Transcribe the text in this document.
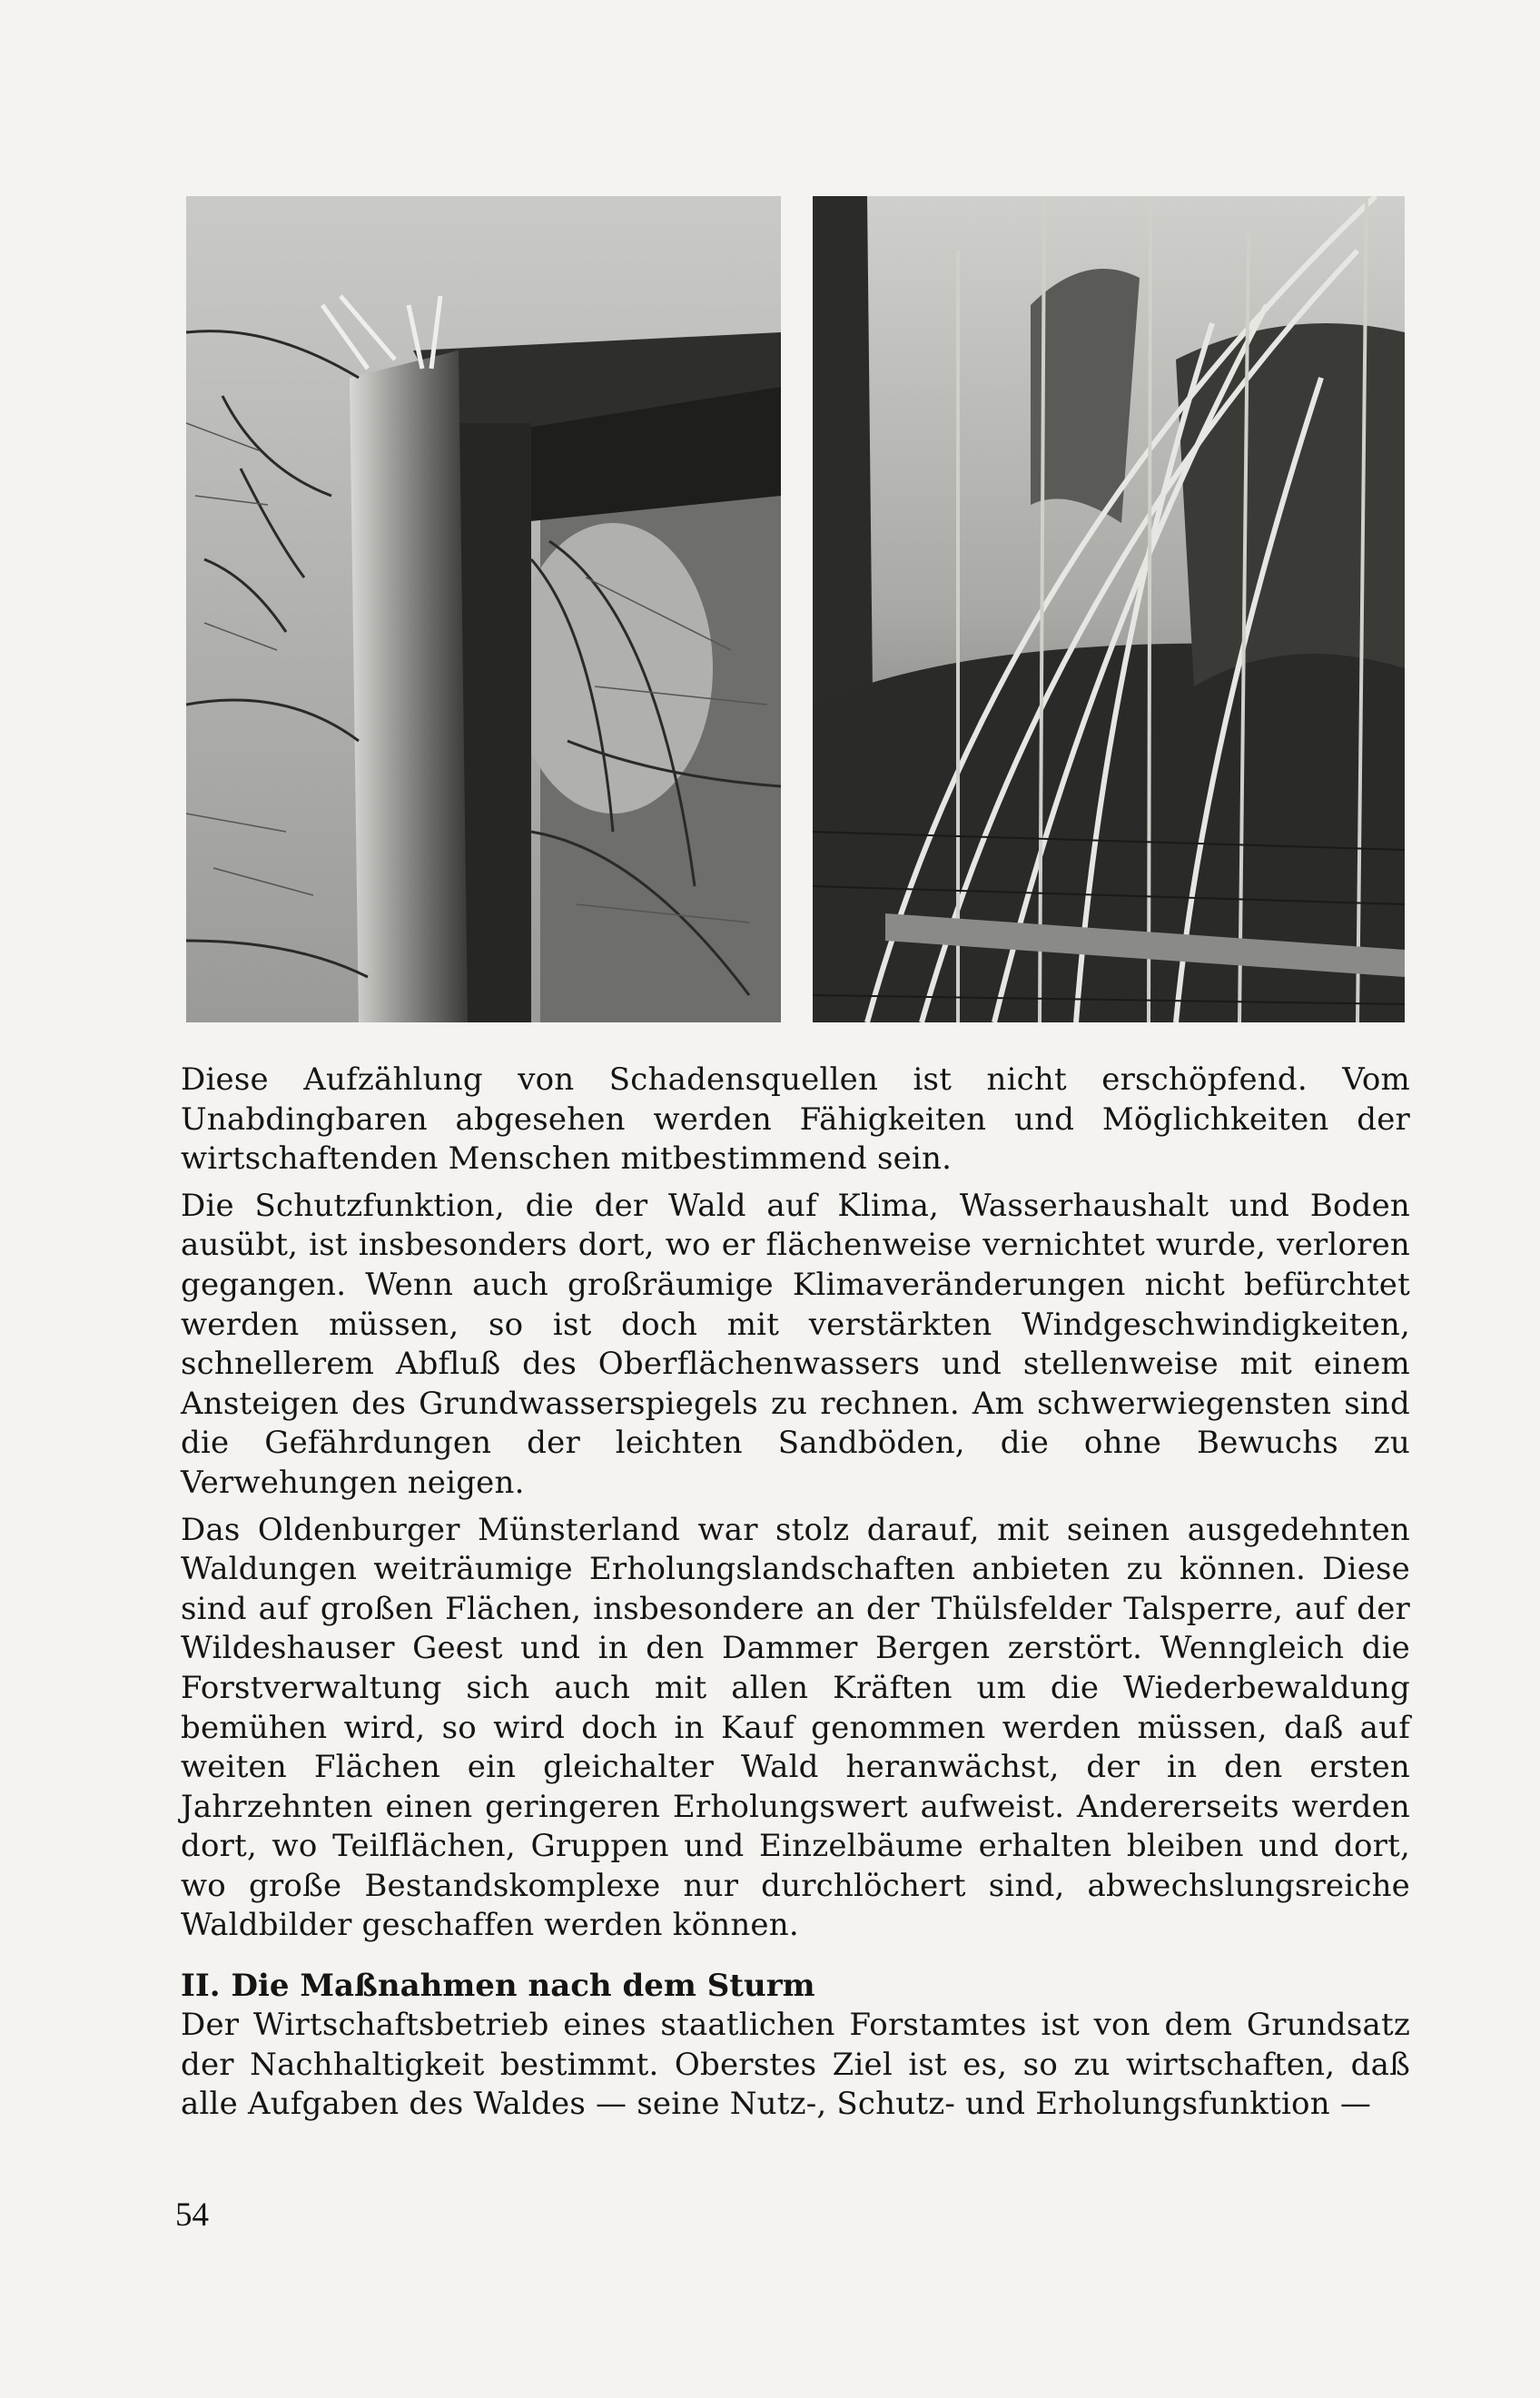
Diese Aufzählung von Schadensquellen ist nicht erschöpfend. Vom Unabdingbaren abgesehen werden Fähigkeiten und Möglichkeiten der wirtschaftenden Menschen mitbestimmend sein.

Die Schutzfunktion, die der Wald auf Klima, Wasserhaushalt und Boden ausübt, ist insbesonders dort, wo er flächenweise vernichtet wurde, verloren gegangen. Wenn auch großräumige Klimaveränderungen nicht befürchtet werden müssen, so ist doch mit verstärkten Windgeschwindigkeiten, schnellerem Abfluß des Oberflächenwassers und stellenweise mit einem Ansteigen des Grundwasserspiegels zu rechnen. Am schwerwiegensten sind die Gefährdungen der leichten Sandböden, die ohne Bewuchs zu Verwehungen neigen.

Das Oldenburger Münsterland war stolz darauf, mit seinen ausgedehnten Waldungen weiträumige Erholungslandschaften anbieten zu können. Diese sind auf großen Flächen, insbesondere an der Thülsfelder Talsperre, auf der Wildeshauser Geest und in den Dammer Bergen zerstört. Wenngleich die Forstverwaltung sich auch mit allen Kräften um die Wiederbewaldung bemühen wird, so wird doch in Kauf genommen werden müssen, daß auf weiten Flächen ein gleichalter Wald heranwächst, der in den ersten Jahrzehnten einen geringeren Erholungswert aufweist. Andererseits werden dort, wo Teilflächen, Gruppen und Einzelbäume erhalten bleiben und dort, wo große Bestandskomplexe nur durchlöchert sind, abwechslungsreiche Waldbilder geschaffen werden können.

II. Die Maßnahmen nach dem Sturm

Der Wirtschaftsbetrieb eines staatlichen Forstamtes ist von dem Grundsatz der Nachhaltigkeit bestimmt. Oberstes Ziel ist es, so zu wirtschaften, daß alle Aufgaben des Waldes — seine Nutz-, Schutz- und Erholungsfunktion —

54
